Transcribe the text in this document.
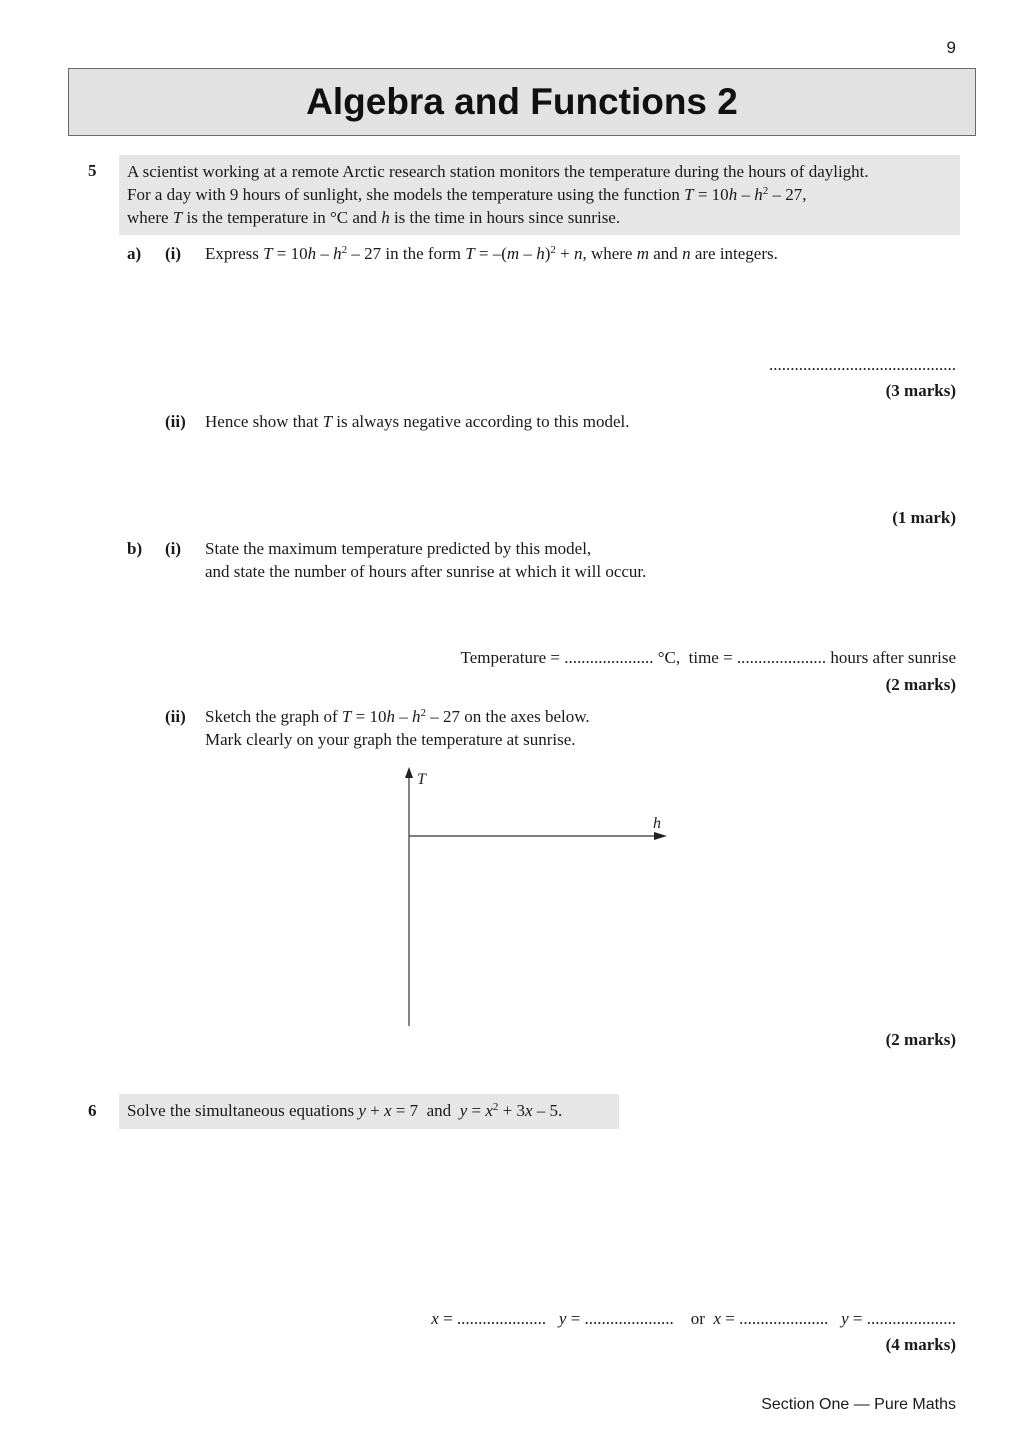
9
Algebra and Functions 2
5 A scientist working at a remote Arctic research station monitors the temperature during the hours of daylight.
For a day with 9 hours of sunlight, she models the temperature using the function $T = 10h - h^2 - 27$,
where T is the temperature in °C and h is the time in hours since sunrise.
a) (i) Express $T = 10h - h^2 - 27$ in the form T = –(m – h)$^2$ + n, where m and n are integers.
............................................
(3 marks)
(ii) Hence show that T is always negative according to this model.
(1 mark)
b) (i) State the maximum temperature predicted by this model,
and state the number of hours after sunrise at which it will occur.
Temperature = ..................... °C,  time = ..................... hours after sunrise
(2 marks)
(ii) Sketch the graph of $T = 10h - h^2 - 27$ on the axes below.
Mark clearly on your graph the temperature at sunrise.
T
h
(2 marks)
6	Solve the simultaneous equations y + x = 7  and $y = x^2 + 3x - 5$.
x = ..................... y = ..................... or x = ..................... y = .....................
(4 marks)
Section One — Pure Maths
